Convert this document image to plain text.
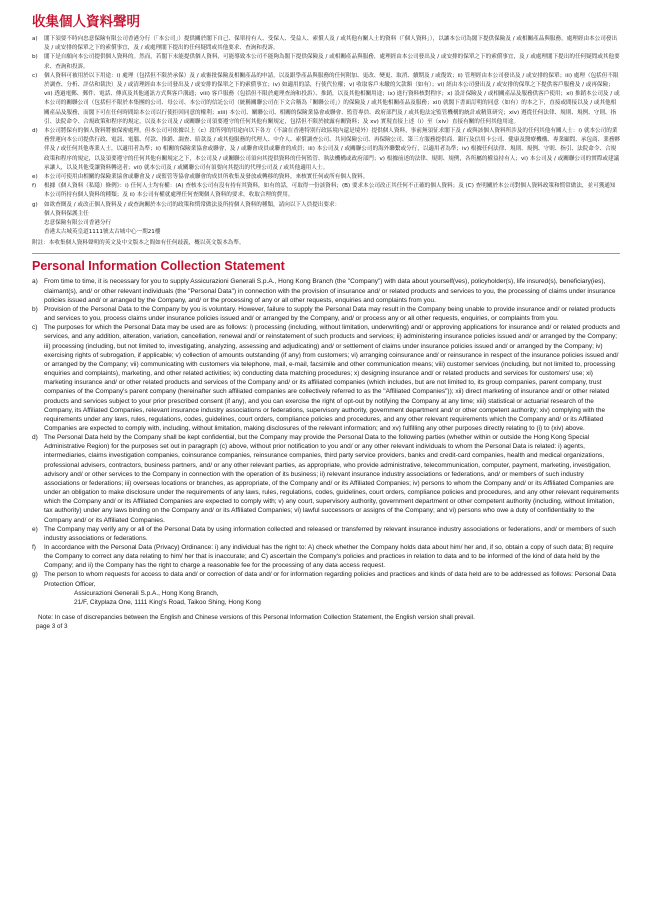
收集個人資料聲明
a) 閣下須要不時向忠意保險有限公司香港分行（「本公司」）提供關於閣下自己、保單持有人、受保人、受益人、索償人及 / 或其他有關人士的資料（「個人資料」），以讓本公司為閣下提供保險及 / 或相關產品與服務，處理經由本公司發出及 / 或安排的保單之下的索償事宜，及 / 或處理閣下提出的任何疑問或其他要求、查詢和投訴。
b) 閣下是自願向本公司提供個人資料的。然而，若閣下未能提供個人資料，可能導致本公司不能夠為閣下提供保險及 / 或相關產品與服務，處理經由本公司發出及 / 或安排的保單之下的索償事宜，及 / 或處理閣下提出的任何疑問或其他要求、查詢和投訴。
c) 個人資料可被用於以下用途：i) 處理（包括但不限於承保）及 / 或審批保險及相關產品的申請，以及跟學產品與服務的任何附加、更改、變更、取消、續期及 / 或復效；ii) 管理經由本公司發出及 / 或安排的保單；iii) 處理（包括但不限於調查、分析、評估和裁決）及 / 或清理經由本公司發出及 / 或安排的保單之下的索償事宜；iv) 如適用的話，行使代位權；v) 收取客戶未繳的欠款額（如有）；vi) 經由本公司發出及 / 或安排的保單之下提供客戶服務及 / 或再保險；vii) 透過電郵、郵件、電話、傳真及其他通訊方式與客戶溝通；viii) 客戶服務（包括但不限於處理查詢和投訴）、推銷，以及其他相關用途；ix) 進行資料核對程序；x) 設計保險及 / 或相關產品及服務供客戶使用；xi) 推銷本公司及 / 或本公司的關聯公司（包括但不限於本集團的公司、母公司、本公司的信託公司（統稱關聯公司在下文合稱為「關聯公司」）的保險及 / 或其他相關產品及服務；xii) 就閣下書面訂明的同意（如有）的本之下，直接或間接以及 / 或其他相關產品及服務，而閣下可在任何時間給本公司以行使拒回同意的權利；xiii) 本公司、關聯公司、相關的保險業協會或聯會、監管專員、政府部門及 / 或其他法定監管機構的統計或精算研究；xiv) 遵從任何法律、規則、規例、守則、指引、法院命令、合規政策和程序的規定，以及本公司及 / 或關聯公司須要遵守的任何其他有關規定，包括但不限於披露有關資料；及 xv) 實現直接上述（i）至（xiv）直接有關的任何其他用途。
d) 本公司將保有的個人資料將被保密處理，但本公司可依據以上（c）段所列的用途向以下各方（不論在香港特別行政區境內還是境外）提供個人資料，事前無須征求閣下及 / 或與該個人資料所涉及的任何其他有關人士：i) 就本公司的業務營運向本公司提供行政、電訊、電腦、付款、推銷、調查、賠款及 / 或其他服務的代理人、中介人、索償調查公司、共同保險公司、再保險公司、第三方服務提供商、銀行及信用卡公司、健康及醫療機構、專業顧問、承包商、業務夥伴及 / 或任何其他專業人士，以適用者為準；ii) 相關的保險業協會或聯會，及 / 或聯會成員或聯會的成員；iii) 本公司及 / 或關聯公司的海外聯繫或分行，以適用者為準；iv) 根據任何法律、規則、規例、守則、指引、法院命令、合規政策和程序的規定，以及須要遵守的任何其他有關規定之下，本公司及 / 或關聯公司須向其提供資料的任何監管、執法機構或政府部門；v) 根據前述的法律、規則、規例，各所屬的權益持有人；vi) 本公司及 / 或關聯公司的實際或建議承讓人，以及其他受讓資料轉送者；vii) 就本公司及 / 或關聯公司有須要向其提出的代理公司及 / 或其他適用人士。
e) 本公司可使用由相關的保險業協會或聯會及 / 或監管等協會或聯會的成員所收集及發放或轉移的資料，來核實任何或所有個人資料。
f) 根據《個人資料（私隱）條例》：i) 任何人士均有權：(A) 查核本公司有沒有持有其資料，如有的話，可取得一份該資料；(B) 要求本公司改正其任何不正確的個人資料；及 (C) 查明關於本公司對個人資料政策和慣常做法，並可獲通知本公司所持有個人資料的種類；及 ii) 本公司有權就處理任何查閱個人資料的要求，收取合理的費用。
g) 如欲查閱及 / 或改正個人資料及 / 或查詢關於本公司的政策和慣常做法及所持個人資料的種類，請向以下人員提出要求：
個人資料保護主任
忠意保險有限公司香港分行
香港太古城英皇道1111號太古城中心一期21樓
附註：本收集個人資料聲明的英文及中文版本之間如有任何歧義，概以英文版本為準。
Personal Information Collection Statement
a) From time to time, it is necessary for you to supply Assicurazioni Generali S.p.A., Hong Kong Branch (the "Company") with data about yourself(ves), policyholder(s), life insured(s), beneficiary(ies), claimant(s), and/ or other relevant individuals (the "Personal Data") in connection with the provision of insurance and/ or related products and services to you, the processing of claims under insurance policies issued and/ or arranged by the Company, and/ or the processing of any or all other requests, enquiries and complaints from you.
b) Provision of the Personal Data to the Company by you is voluntary. However, failure to supply the Personal Data may result in the Company being unable to provide insurance and/ or related products and services to you, process claims under insurance policies issued and/ or arranged by the Company, and/ or process any or all other requests, enquiries, or complaints from you.
c) The purposes for which the Personal Data may be used are as follows: i) processing (including, without limitation, underwriting) and/ or approving applications for insurance and/ or related products and services, and any addition, alteration, variation, cancellation, renewal and/ or reinstatement of such products and services; ii) administering insurance policies issued and/ or arranged by the Company; iii) processing (including, but not limited to, investigating, analyzing, assessing and adjudicating) and/ or settlement of claims under insurance policies issued and/ or arranged by the Company; iv) exercising rights of subrogation, if applicable; v) collection of amounts outstanding (if any) from customers; vi) arranging coinsurance and/ or reinsurance in respect of the insurance policies issued and/ or arranged by the Company; vii) communicating with customers via telephone, mail, e-mail, facsimile and other communication means; viii) customer services (including, but not limited to, processing enquiries and complaints), marketing, and other related activities; ix) conducting data matching procedures; x) designing insurance and/ or related products and services for customers' use; xi) marketing insurance and/ or other related products and services of the Company and/ or its affiliated companies (which includes, but are not limited to, its group companies, parent company, trust companies of the Company's parent company (hereinafter such affiliated companies are collectively referred to as the "Affiliated Companies")); xii) direct marketing of insurance and/ or other related products and services subject to your prior prescribed consent (if any), and you can exercise the right of opt-out by notifying the Company at any time; xiii) statistical or actuarial research of the Company, its Affiliated Companies, relevant insurance industry associations or federations, supervisory authority, government department and/ or other competent authority; xiv) complying with the requirements under any laws, rules, regulations, codes, guidelines, court orders, compliance policies and procedures, and any other relevant requirements which the Company and/ or its Affiliated Companies are expected to comply with, including, without limitation, making disclosures of the relevant information; and xv) fulfilling any other purposes directly relating to (i) to (xiv) above.
d) The Personal Data held by the Company shall be kept confidential, but the Company may provide the Personal Data to the following parties (whether within or outside the Hong Kong Special Administrative Region) for the purposes set out in paragraph (c) above, without prior notification to you and/ or any other relevant individuals to whom the Personal Data is related: i) agents, intermediaries, claims investigation companies, coinsurance companies, reinsurance companies, third party service providers, banks and credit-card companies, health and medical organizations, professional advisers, contractors, business partners, and/ or any other relevant parties, as appropriate, who provide administrative, telecommunication, computer, payment, marketing, investigation, advisory and/ or other services to the Company in connection with the operation of its business; ii) relevant insurance industry associations or federations, and/ or members of such industry associations or federations; iii) overseas locations or branches, as appropriate, of the Company and/ or its Affiliated Companies; iv) persons to whom the Company and/ or its Affiliated Companies are under an obligation to make disclosure under the requirements of any laws, rules, regulations, codes, guidelines, court orders, compliance policies and procedures, and any other relevant requirements which the Company and/ or its Affiliated Companies are expected to comply with; v) any court, supervisory authority, government department or other competent authority (including, without limitation, tax authority) under any laws binding on the Company and/ or its Affiliated Companies; vi) lawful successors or assigns of the Company; and vi) persons who owe a duty of confidentiality to the Company and/ or its Affiliated Companies.
e) The Company may verify any or all of the Personal Data by using information collected and released or transferred by relevant insurance industry associations or federations, and/ or members of such industry associations or federations.
f) In accordance with the Personal Data (Privacy) Ordinance: i) any individual has the right to: A) check whether the Company holds data about him/ her and, if so, obtain a copy of such data; B) require the Company to correct any data relating to him/ her that is inaccurate; and C) ascertain the Company's policies and practices in relation to data and to be informed of the kind of data held by the Company; and ii) the Company has the right to charge a reasonable fee for the processing of any data access request.
g) The person to whom requests for access to data and/ or correction of data and/ or for information regarding policies and practices and kinds of data held are to be addressed as follows: Personal Data Protection Officer,
Assicurazioni Generali S.p.A., Hong Kong Branch,
21/F, Cityplaza One, 1111 King's Road, Taikoo Shing, Hong Kong
Note: In case of discrepancies between the English and Chinese versions of this Personal Information Collection Statement, the English version shall prevail.
page 3 of 3
